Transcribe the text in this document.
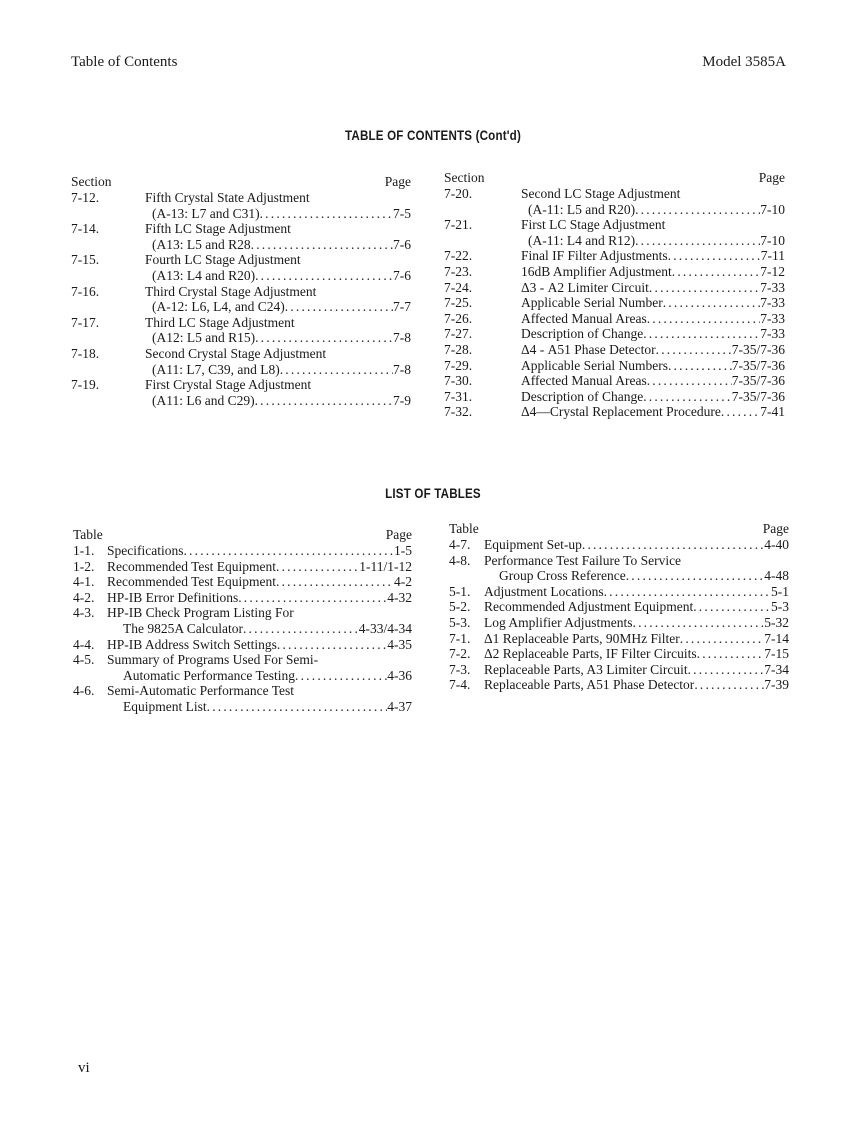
Table of Contents	Model 3585A
TABLE OF CONTENTS (Cont'd)
Section	Page
7-12.	Fifth Crystal State Adjustment
(A-13: L7 and C31) .....	7-5
7-14.	Fifth LC Stage Adjustment
(A13: L5 and R28 .....	7-6
7-15.	Fourth LC Stage Adjustment
(A13: L4 and R20) .....	7-6
7-16.	Third Crystal Stage Adjustment
(A-12: L6, L4, and C24) .....	7-7
7-17.	Third LC Stage Adjustment
(A12: L5 and R15) .....	7-8
7-18.	Second Crystal Stage Adjustment
(A11: L7, C39, and L8) .....	7-8
7-19.	First Crystal Stage Adjustment
(A11: L6 and C29) .....	7-9
Section	Page
7-20.	Second LC Stage Adjustment
(A-11: L5 and R20) .....	7-10
7-21.	First LC Stage Adjustment
(A-11: L4 and R12) .....	7-10
7-22.	Final IF Filter Adjustments .....	7-11
7-23.	16dB Amplifier Adjustment .....	7-12
7-24.	Δ3 - A2 Limiter Circuit .....	7-33
7-25.	Applicable Serial Number .....	7-33
7-26.	Affected Manual Areas .....	7-33
7-27.	Description of Change .....	7-33
7-28.	Δ4 - A51 Phase Detector .....	7-35/7-36
7-29.	Applicable Serial Numbers .....	7-35/7-36
7-30.	Affected Manual Areas .....	7-35/7-36
7-31.	Description of Change .....	7-35/7-36
7-32.	Δ4—Crystal Replacement Procedure .....	7-41
LIST OF TABLES
Table	Page
1-1. Specifications .....	1-5
1-2. Recommended Test Equipment .....	1-11/1-12
4-1. Recommended Test Equipment .....	4-2
4-2. HP-IB Error Definitions .....	4-32
4-3. HP-IB Check Program Listing For
The 9825A Calculator .....	4-33/4-34
4-4. HP-IB Address Switch Settings .....	4-35
4-5. Summary of Programs Used For Semi-
Automatic Performance Testing .....	4-36
4-6. Semi-Automatic Performance Test
Equipment List .....	4-37
Table	Page
4-7.	Equipment Set-up .....	4-40
4-8.	Performance Test Failure To Service
Group Cross Reference .....	4-48
5-1.	Adjustment Locations .....	5-1
5-2.	Recommended Adjustment Equipment .....	5-3
5-3.	Log Amplifier Adjustments .....	5-32
7-1.	Δ1 Replaceable Parts, 90MHz Filter .....	7-14
7-2.	Δ2 Replaceable Parts, IF Filter Circuits .....	7-15
7-3.	Replaceable Parts, A3 Limiter Circuit .....	7-34
7-4.	Replaceable Parts, A51 Phase Detector .....	7-39
vi
